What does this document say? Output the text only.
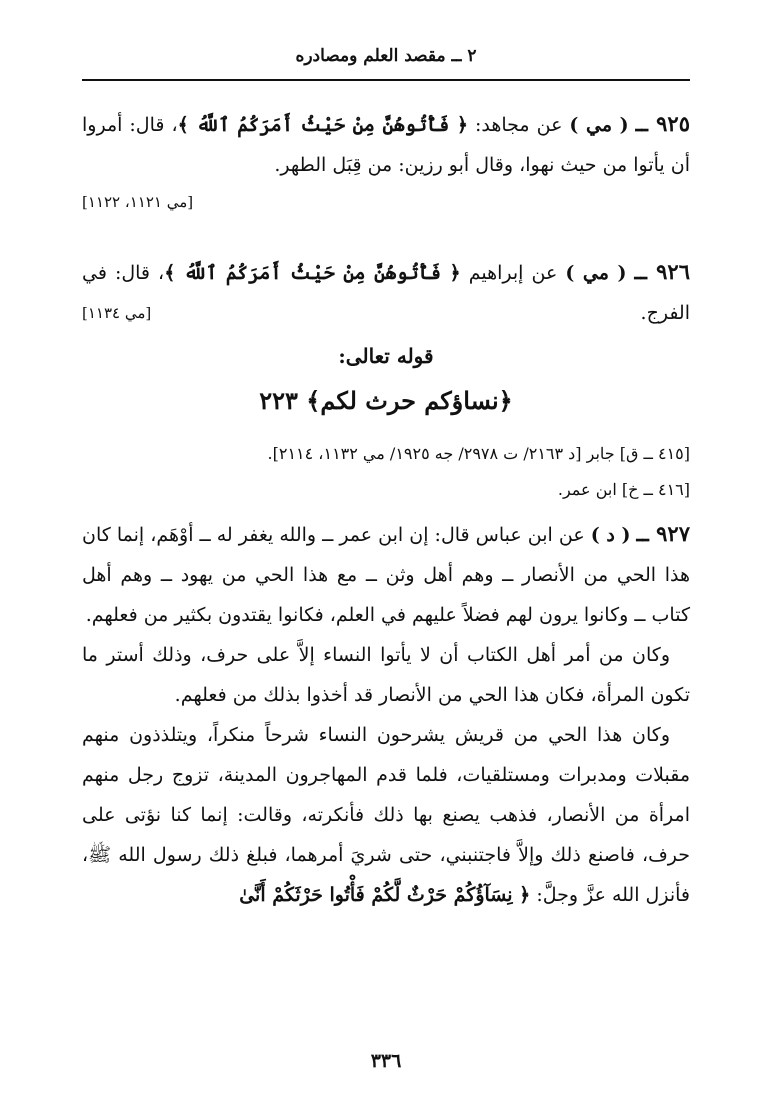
٢ ــ مقصد العلم ومصادره

٩٢٥ ــ ( مي ) عن مجاهد: ﴿ فَأْتُوهُنَّ مِنْ حَيْثُ أَمَرَكُمُ ٱللَّهُ ﴾، قال: أمروا أن يأتوا من حيث نهوا، وقال أبو رزين: من قِبَل الطهر.

[مي ١١٢١، ١١٢٢]

٩٢٦ ــ ( مي ) عن إبراهيم ﴿ فَأْتُوهُنَّ مِنْ حَيْثُ أَمَرَكُمُ ٱللَّهُ ﴾، قال: في الفرج.
[مي ١١٣٤]

قوله تعالى:
﴿نساؤكم حرث لكم﴾ ٢٢٣

[٤١٥ ــ ق] جابر [د ٢١٦٣/ ت ٢٩٧٨/ جه ١٩٢٥/ مي ١١٣٢، ٢١١٤].

[٤١٦ ــ خ] ابن عمر.

٩٢٧ ــ ( د ) عن ابن عباس قال: إن ابن عمر ــ والله يغفر له ــ أوْهَم، إنما كان هذا الحي من الأنصار ــ وهم أهل وثن ــ مع هذا الحي من يهود ــ وهم أهل كتاب ــ وكانوا يرون لهم فضلاً عليهم في العلم، فكانوا يقتدون بكثير من فعلهم.

وكان من أمر أهل الكتاب أن لا يأتوا النساء إلاَّ على حرف، وذلك أستر ما تكون المرأة، فكان هذا الحي من الأنصار قد أخذوا بذلك من فعلهم.

وكان هذا الحي من قريش يشرحون النساء شرحاً منكراً، ويتلذذون منهم مقبلات ومدبرات ومستلقيات، فلما قدم المهاجرون المدينة، تزوج رجل منهم امرأة من الأنصار، فذهب يصنع بها ذلك فأنكرته، وقالت: إنما كنا نؤتى على حرف، فاصنع ذلك وإلاَّ فاجتنبني، حتى شريَ أمرهما، فبلغ ذلك رسول الله ﷺ، فأنزل الله عزَّ وجلَّ: ﴿ نِسَآؤُكُمْ حَرْثٌ لَّكُمْ فَأْتُوا حَرْثَكُمْ أَنَّىٰ

٣٣٦
